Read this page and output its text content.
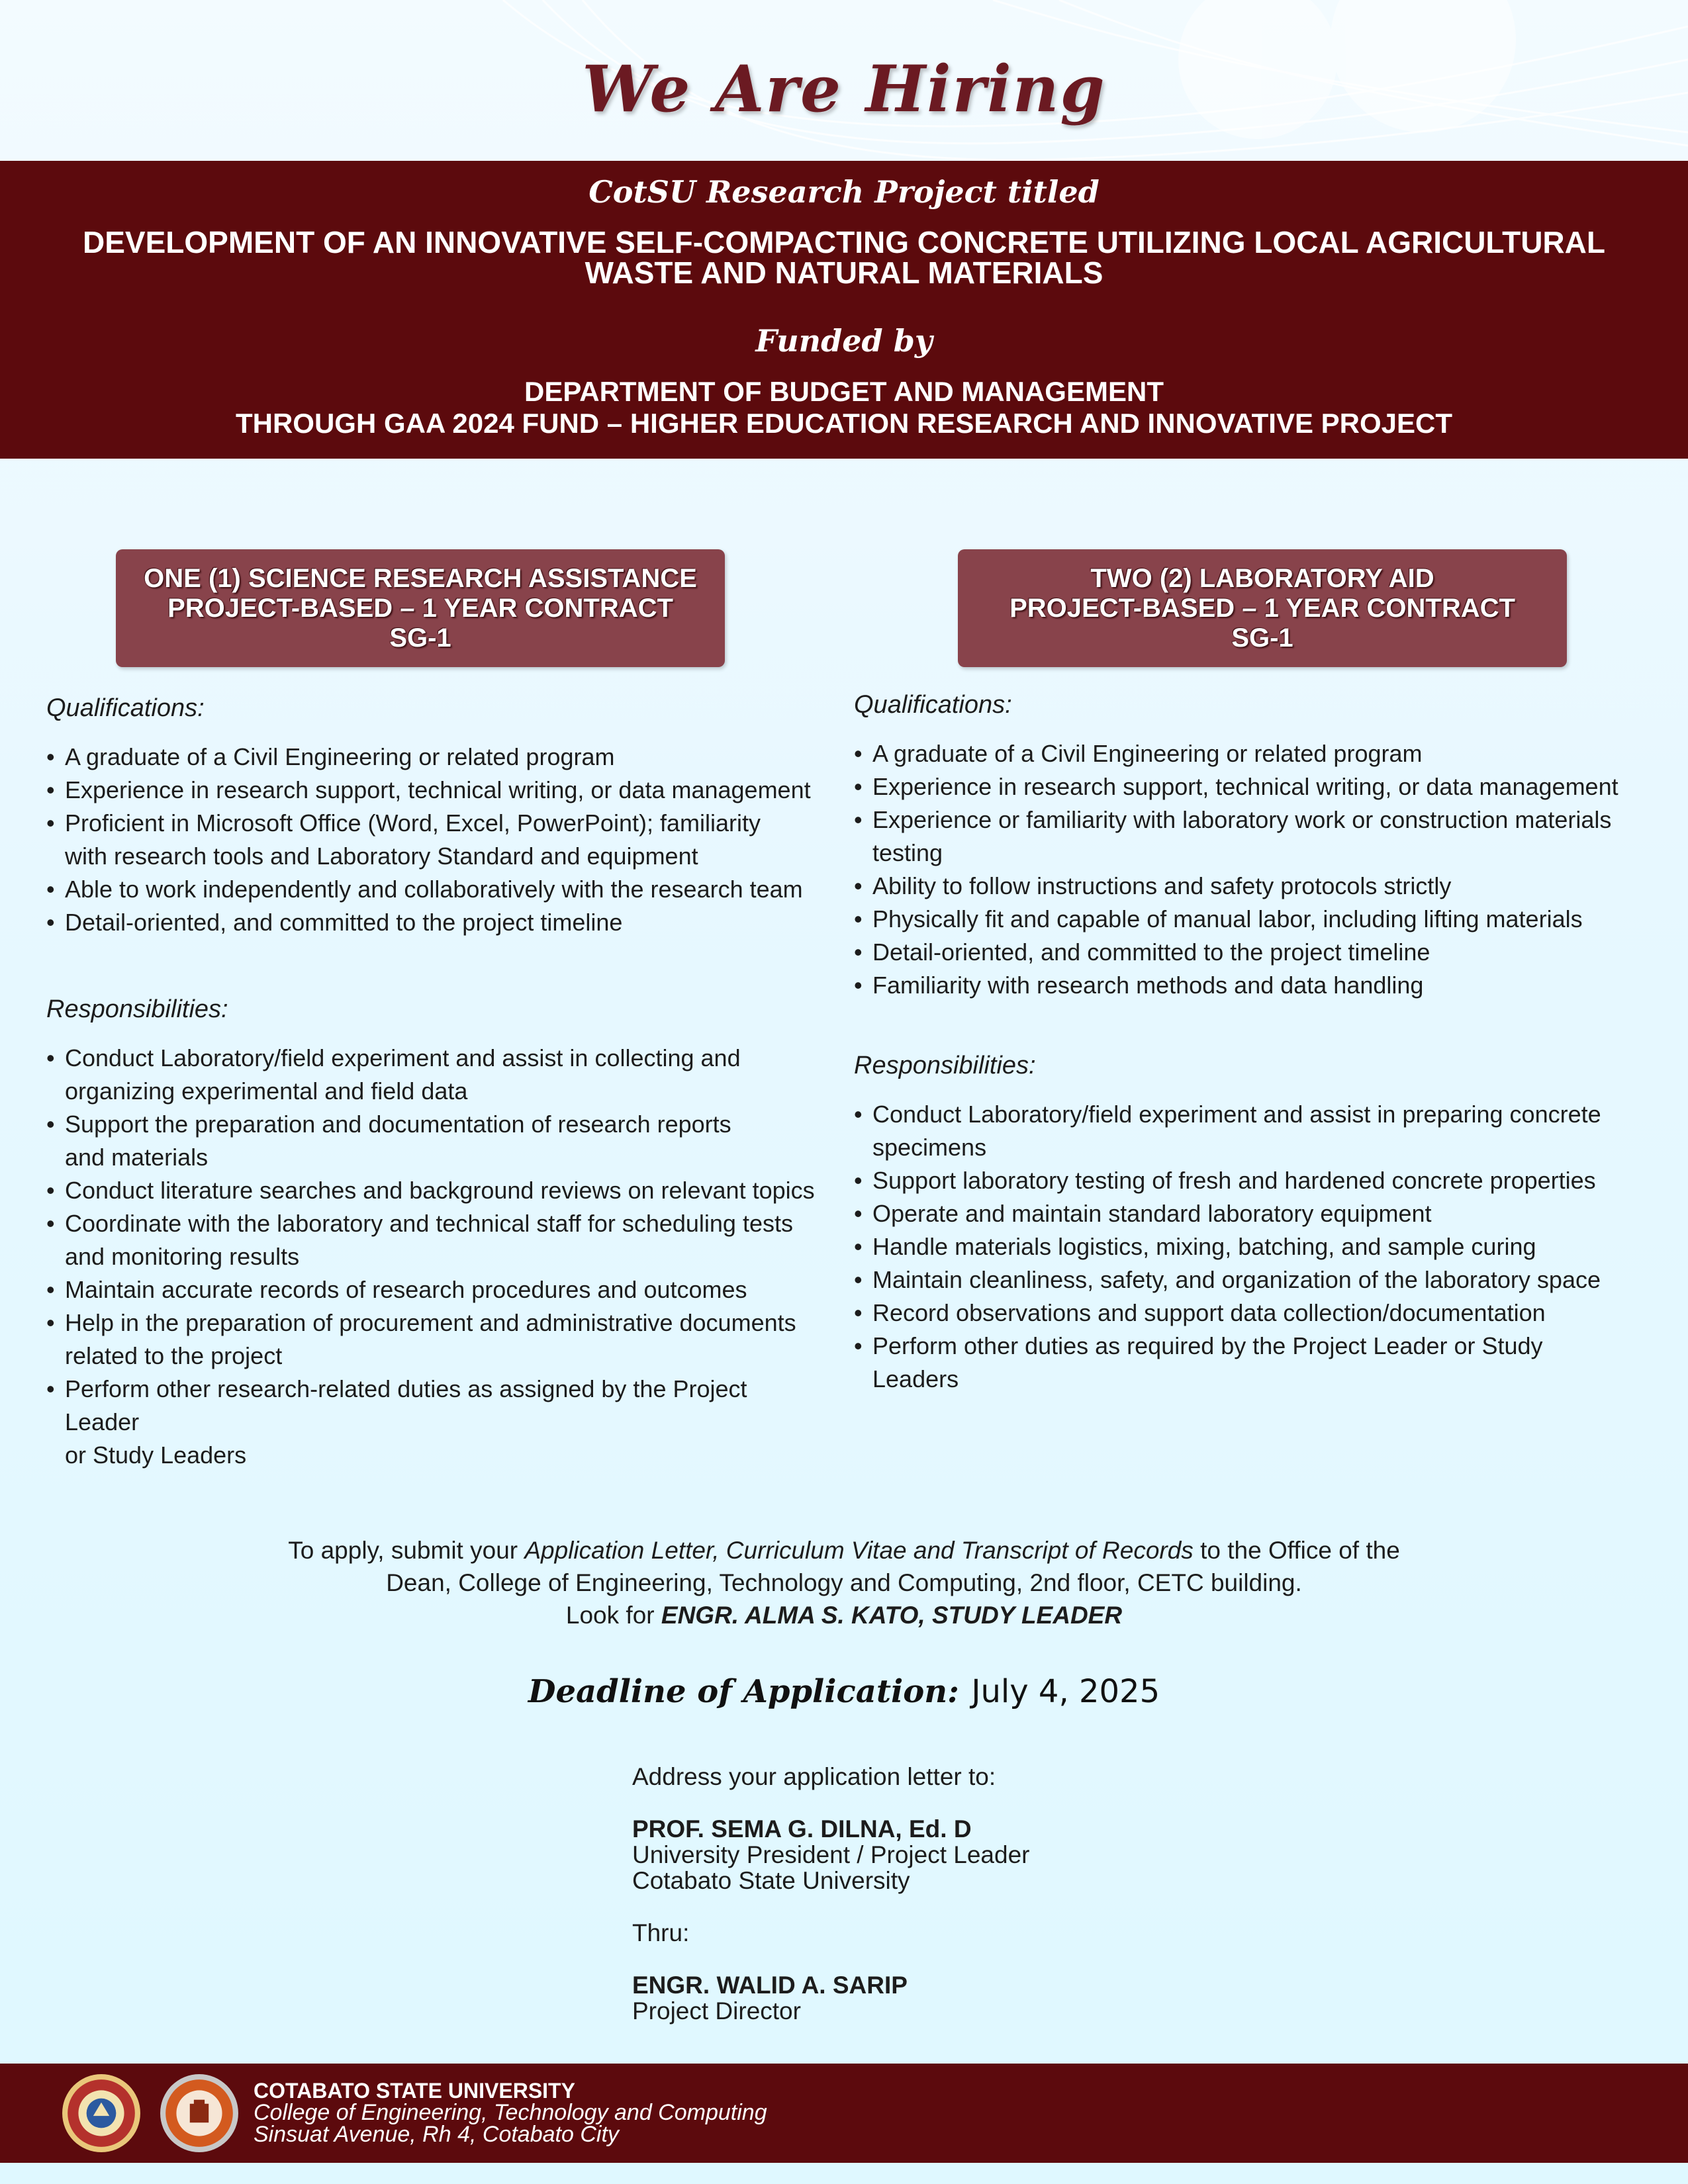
We Are Hiring
CotSU Research Project titled
DEVELOPMENT OF AN INNOVATIVE SELF-COMPACTING CONCRETE UTILIZING LOCAL AGRICULTURAL
WASTE AND NATURAL MATERIALS
Funded by
DEPARTMENT OF BUDGET AND MANAGEMENT
THROUGH GAA 2024 FUND – HIGHER EDUCATION RESEARCH AND INNOVATIVE PROJECT
ONE (1) SCIENCE RESEARCH ASSISTANCE
PROJECT-BASED – 1 YEAR CONTRACT
SG-1
TWO (2) LABORATORY AID
PROJECT-BASED – 1 YEAR CONTRACT
SG-1

Qualifications:

• A graduate of a Civil Engineering or related program
• Experience in research support, technical writing, or data management
• Proficient in Microsoft Office (Word, Excel, PowerPoint); familiarity
with research tools and Laboratory Standard and equipment
• Able to work independently and collaboratively with the research team
• Detail-oriented, and committed to the project timeline

Responsibilities:

• Conduct Laboratory/field experiment and assist in collecting and
organizing experimental and field data
• Support the preparation and documentation of research reports
and materials
• Conduct literature searches and background reviews on relevant topics
• Coordinate with the laboratory and technical staff for scheduling tests
and monitoring results
• Maintain accurate records of research procedures and outcomes
• Help in the preparation of procurement and administrative documents
related to the project
• Perform other research-related duties as assigned by the Project Leader
or Study Leaders

Qualifications:

• A graduate of a Civil Engineering or related program
• Experience in research support, technical writing, or data management
• Experience or familiarity with laboratory work or construction materials
testing
• Ability to follow instructions and safety protocols strictly
• Physically fit and capable of manual labor, including lifting materials
• Detail-oriented, and committed to the project timeline
• Familiarity with research methods and data handling

Responsibilities:

• Conduct Laboratory/field experiment and assist in preparing concrete
specimens
• Support laboratory testing of fresh and hardened concrete properties
• Operate and maintain standard laboratory equipment
• Handle materials logistics, mixing, batching, and sample curing
• Maintain cleanliness, safety, and organization of the laboratory space
• Record observations and support data collection/documentation
• Perform other duties as required by the Project Leader or Study Leaders
To apply, submit your Application Letter, Curriculum Vitae and Transcript of Records to the Office of the
Dean, College of Engineering, Technology and Computing, 2nd floor, CETC building.
Look for ENGR. ALMA S. KATO, STUDY LEADER
Deadline of Application: July 4, 2025
Address your application letter to:
PROF. SEMA G. DILNA, Ed. D
University President / Project Leader
Cotabato State University
Thru:
ENGR. WALID A. SARIP
Project Director
COTABATO STATE UNIVERSITY
College of Engineering, Technology and Computing
Sinsuat Avenue, Rh 4, Cotabato City
